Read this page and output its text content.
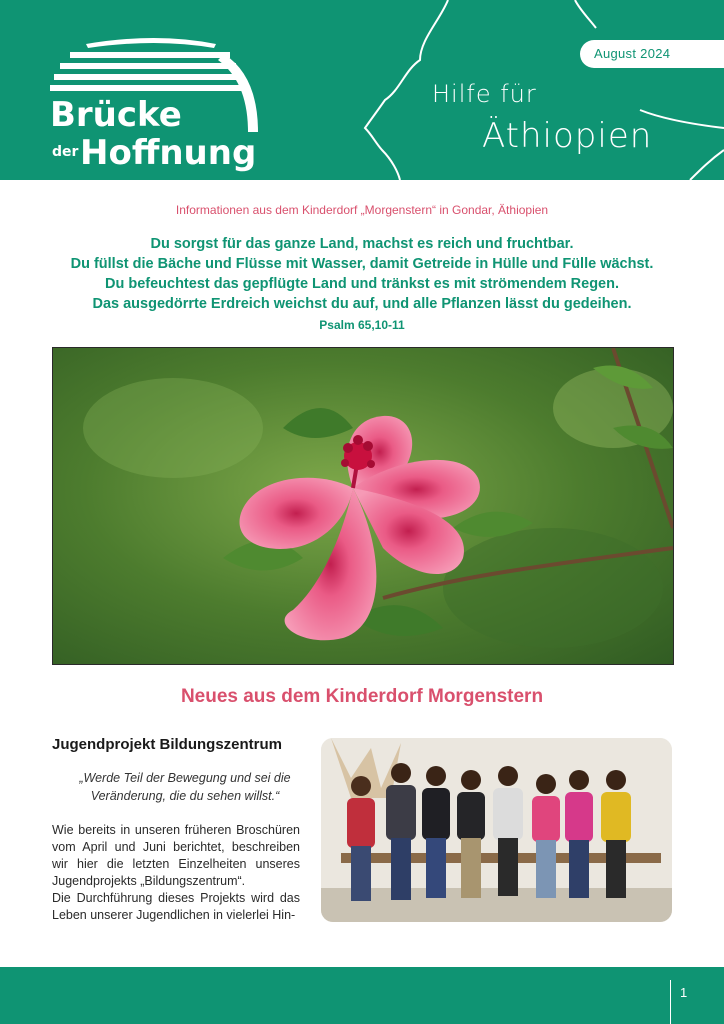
Brücke
der Hoffnung
August 2024
Hilfe für
Äthiopien
Informationen aus dem Kinderdorf „Morgenstern“ in Gondar, Äthiopien
Du sorgst für das ganze Land, machst es reich und fruchtbar.
Du füllst die Bäche und Flüsse mit Wasser, damit Getreide in Hülle und Fülle wächst.
Du befeuchtest das gepflügte Land und tränkst es mit strömendem Regen.
Das ausgedörrte Erdreich weichst du auf, und alle Pflanzen lässt du gedeihen.
Psalm 65,10-11
Neues aus dem Kinderdorf Morgenstern
Jugendprojekt Bildungszentrum
„Werde Teil der Bewegung und sei die
Veränderung, die du sehen willst.“

Wie bereits in unseren früheren Broschüren vom April und Juni berichtet, beschreiben wir hier die letzten Einzelheiten unseres Jugendprojekts „Bildungszentrum“.

Die Durchführung dieses Projekts wird das Leben unserer Jugendlichen in vielerlei Hin-

1
